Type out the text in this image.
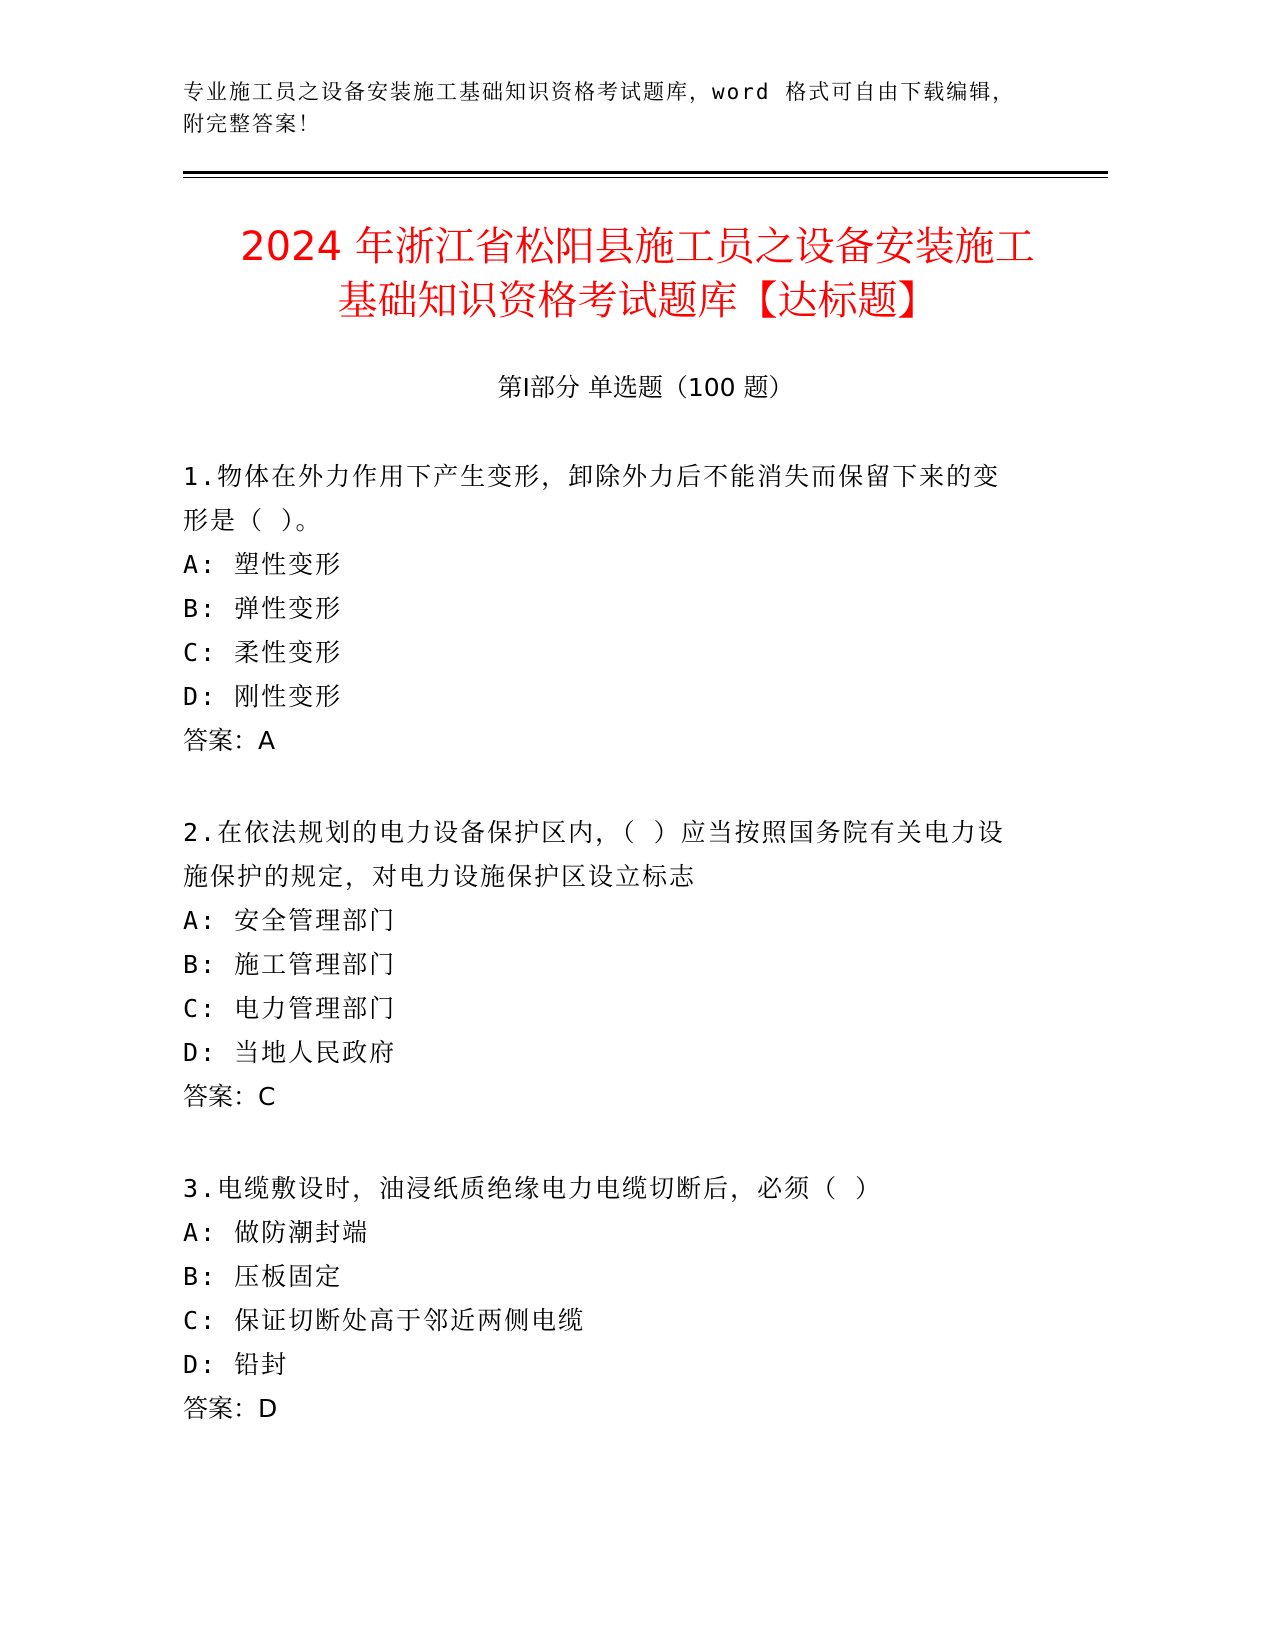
专业施工员之设备安装施工基础知识资格考试题库，word 格式可自由下载编辑，
附完整答案！
2024 年浙江省松阳县施工员之设备安装施工
基础知识资格考试题库【达标题】
第Ⅰ部分 单选题（100 题）
1.物体在外力作用下产生变形，卸除外力后不能消失而保留下来的变
形是（ ）。
A: 塑性变形
B: 弹性变形
C: 柔性变形
D: 刚性变形
答案：A
2.在依法规划的电力设备保护区内，（ ）应当按照国务院有关电力设
施保护的规定，对电力设施保护区设立标志
A: 安全管理部门
B: 施工管理部门
C: 电力管理部门
D: 当地人民政府
答案：C
3.电缆敷设时，油浸纸质绝缘电力电缆切断后，必须（ ）
A: 做防潮封端
B: 压板固定
C: 保证切断处高于邻近两侧电缆
D: 铅封
答案：D
